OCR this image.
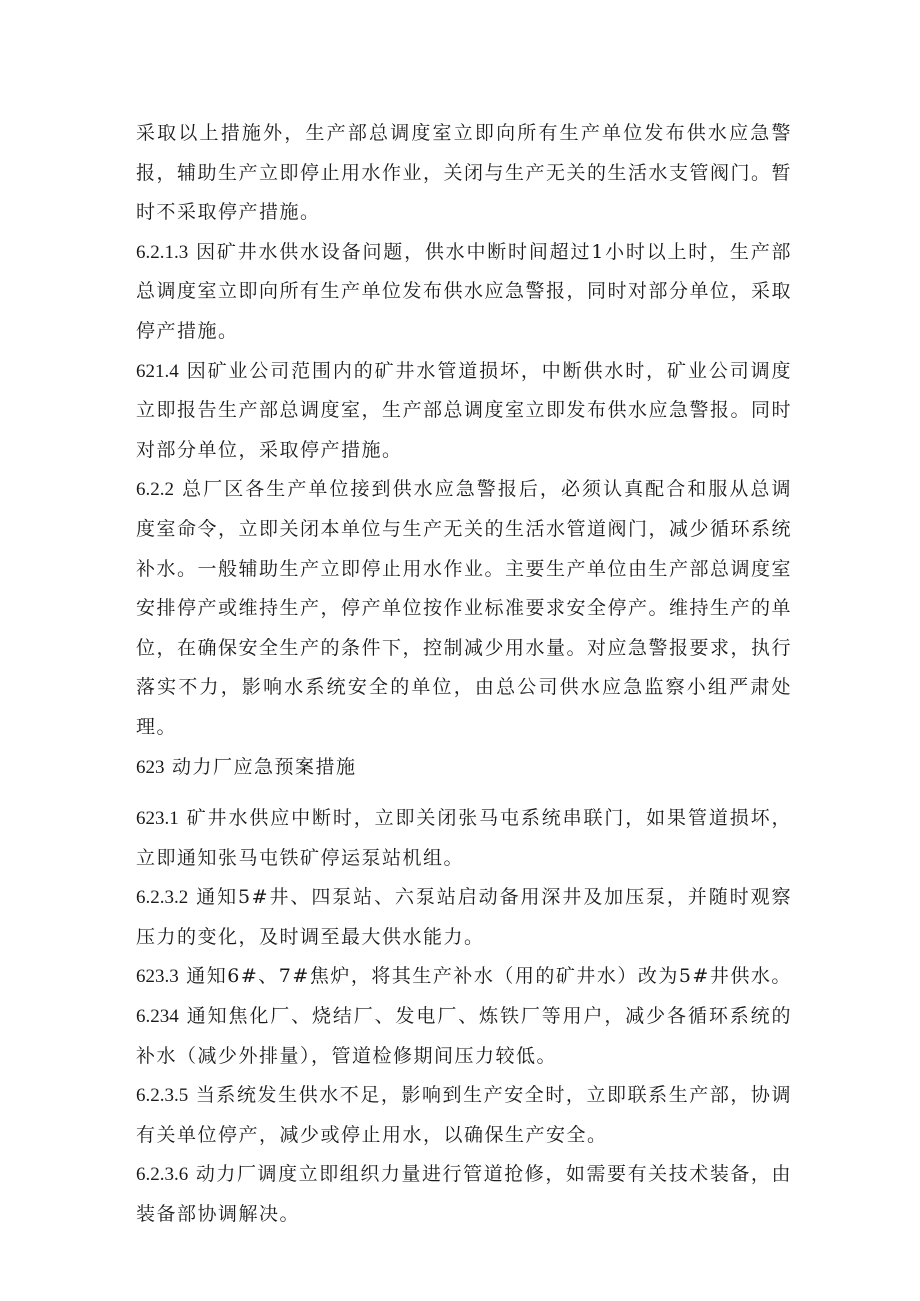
采取以上措施外，生产部总调度室立即向所有生产单位发布供水应急警报，辅助生产立即停止用水作业，关闭与生产无关的生活水支管阀门。暂时不采取停产措施。

6.2.1.3 因矿井水供水设备问题，供水中断时间超过1小时以上时，生产部总调度室立即向所有生产单位发布供水应急警报，同时对部分单位，采取停产措施。

621.4 因矿业公司范围内的矿井水管道损坏，中断供水时，矿业公司调度立即报告生产部总调度室，生产部总调度室立即发布供水应急警报。同时对部分单位，采取停产措施。

6.2.2 总厂区各生产单位接到供水应急警报后，必须认真配合和服从总调度室命令，立即关闭本单位与生产无关的生活水管道阀门，减少循环系统补水。一般辅助生产立即停止用水作业。主要生产单位由生产部总调度室安排停产或维持生产，停产单位按作业标准要求安全停产。维持生产的单位，在确保安全生产的条件下，控制减少用水量。对应急警报要求，执行落实不力，影响水系统安全的单位，由总公司供水应急监察小组严肃处理。

623 动力厂应急预案措施

623.1 矿井水供应中断时，立即关闭张马屯系统串联门，如果管道损坏，立即通知张马屯铁矿停运泵站机组。

6.2.3.2 通知5#井、四泵站、六泵站启动备用深井及加压泵，并随时观察压力的变化，及时调至最大供水能力。

623.3 通知6#、7#焦炉，将其生产补水（用的矿井水）改为5#井供水。

6.234 通知焦化厂、烧结厂、发电厂、炼铁厂等用户，减少各循环系统的补水（减少外排量），管道检修期间压力较低。

6.2.3.5 当系统发生供水不足，影响到生产安全时，立即联系生产部，协调有关单位停产，减少或停止用水，以确保生产安全。

6.2.3.6 动力厂调度立即组织力量进行管道抢修，如需要有关技术装备，由装备部协调解决。
